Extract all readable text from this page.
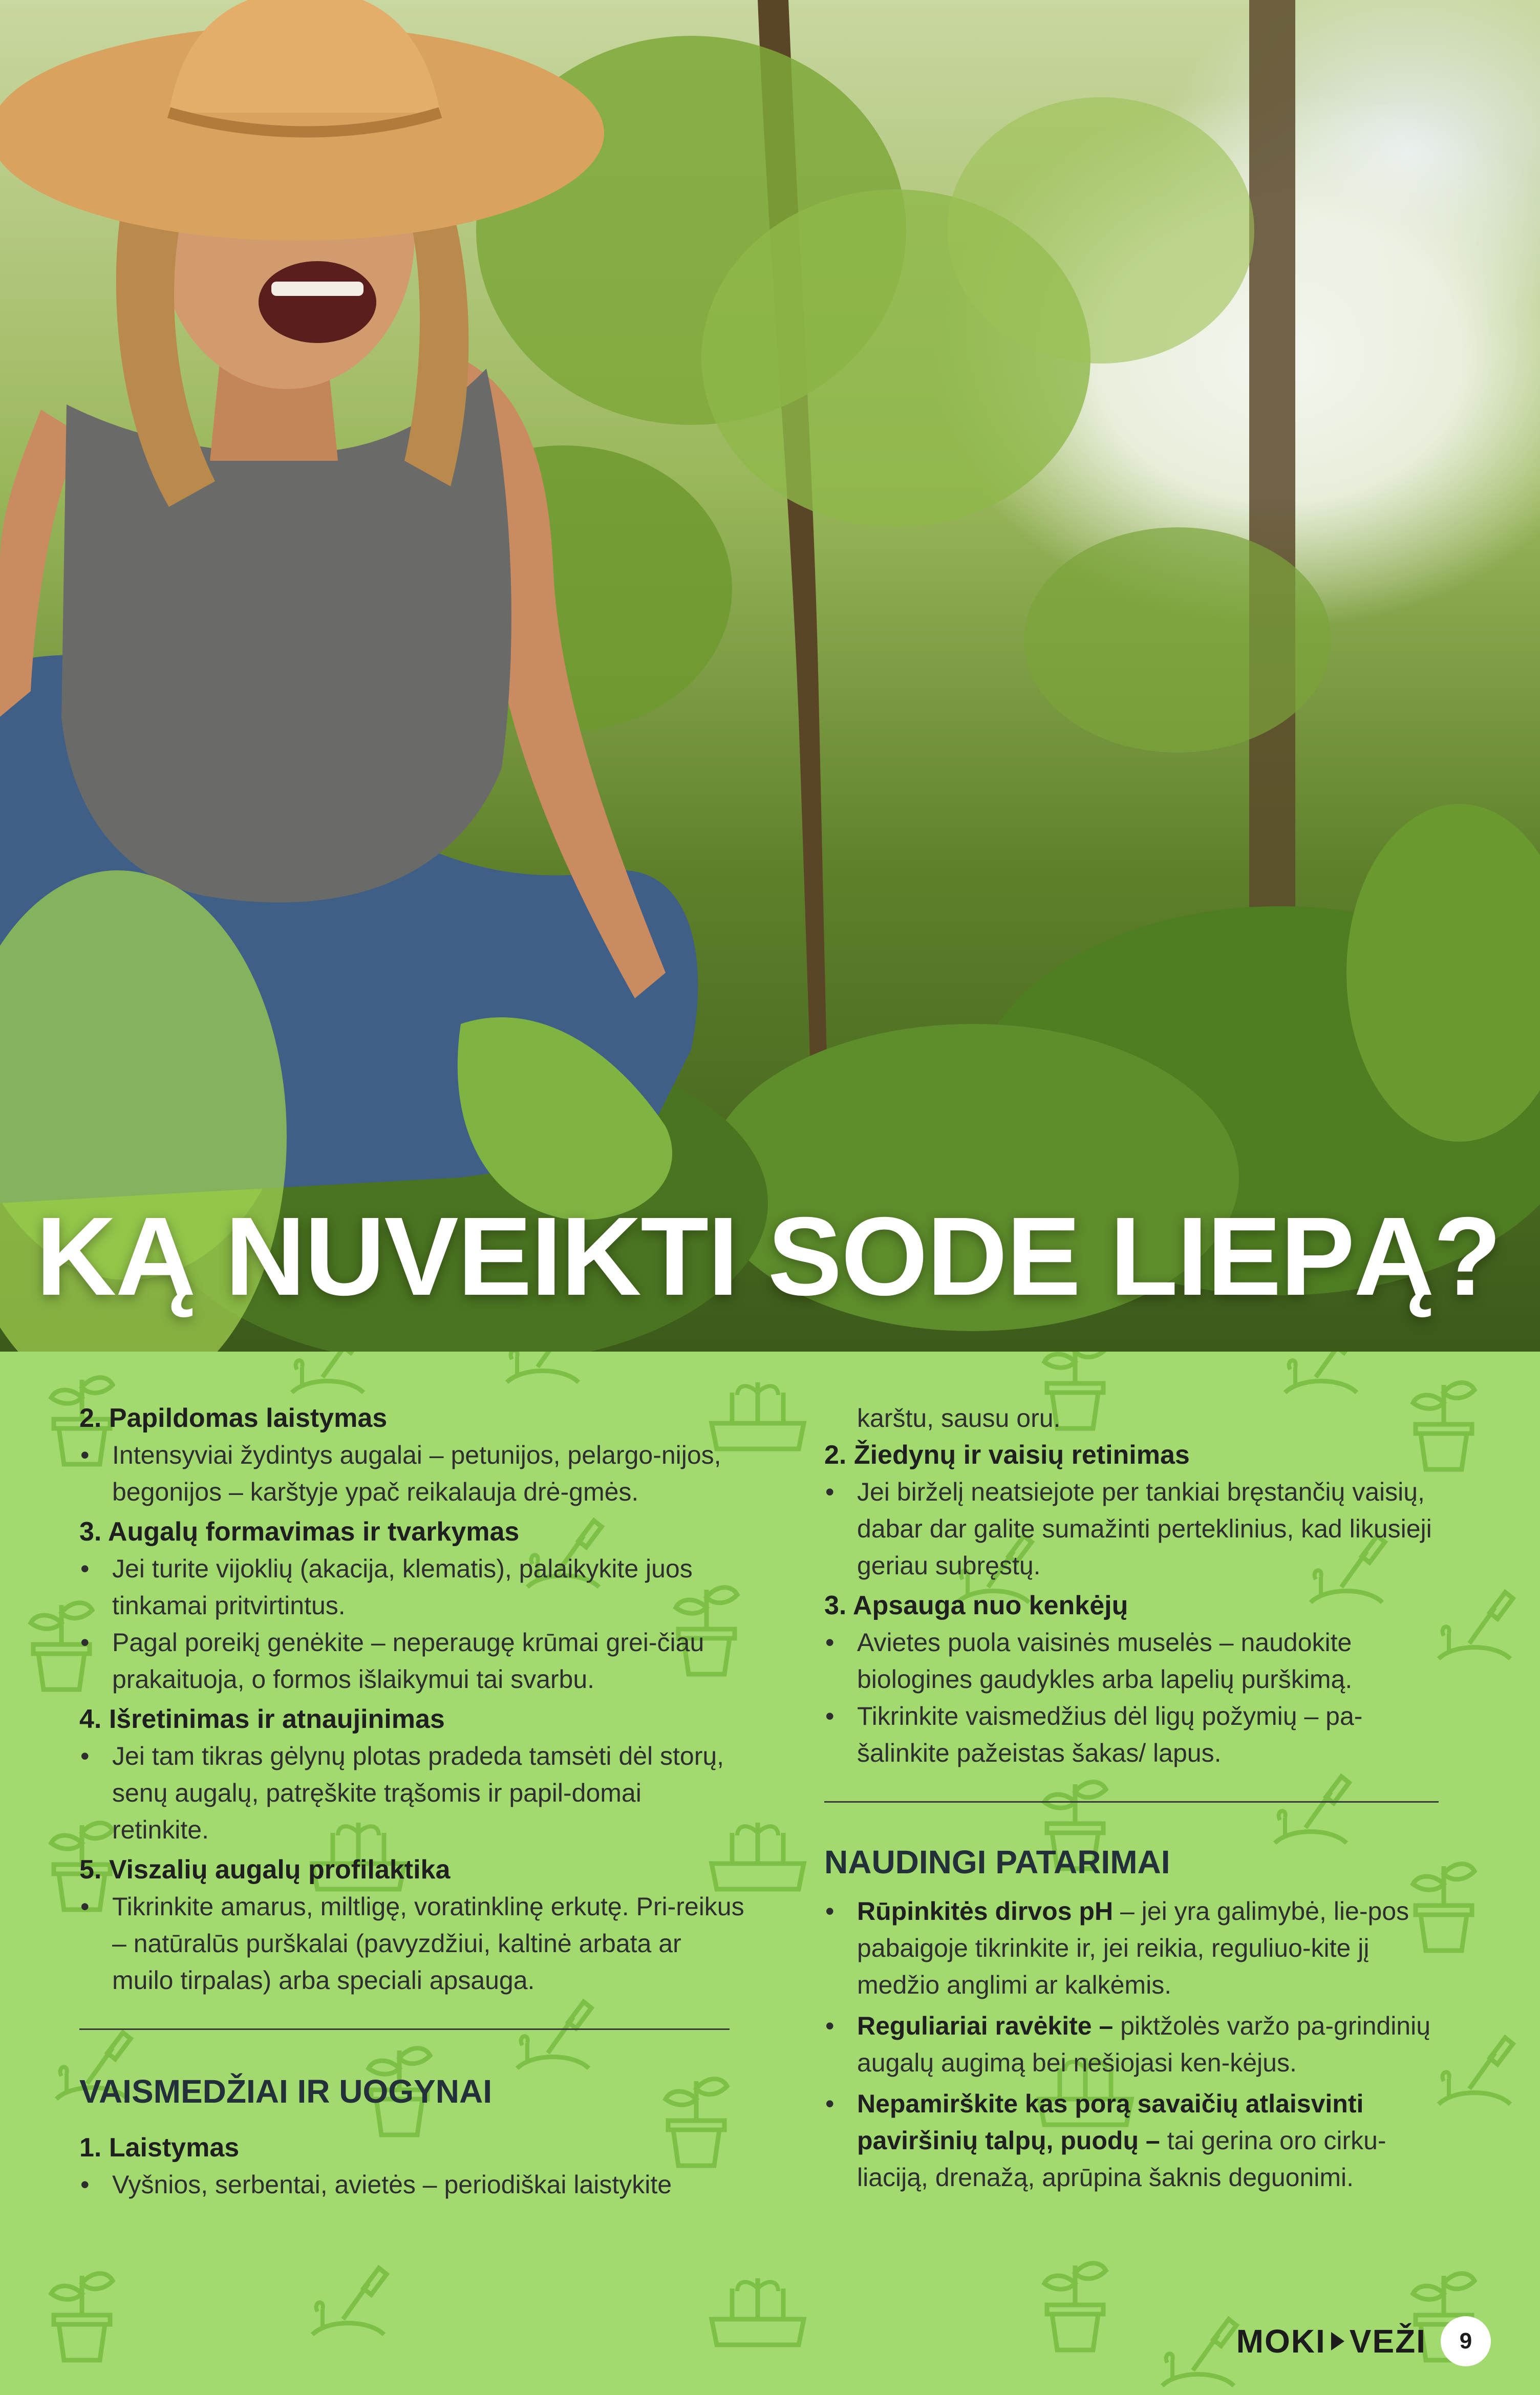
KĄ NUVEIKTI SODE LIEPĄ?
2. Papildomas laistymas
• Intensyviai žydintys augalai – petunijos, pelargo-nijos, begonijos – karštyje ypač reikalauja drė-gmės.
3. Augalų formavimas ir tvarkymas
• Jei turite vijoklių (akacija, klematis), palaikykite juos tinkamai pritvirtintus.
• Pagal poreikį genėkite – neperaugę krūmai grei-čiau prakaituoja, o formos išlaikymui tai svarbu.
4. Išretinimas ir atnaujinimas
• Jei tam tikras gėlynų plotas pradeda tamsėti dėl storų, senų augalų, patręškite trąšomis ir papil-domai retinkite.
5. Viszalių augalų profilaktika
• Tikrinkite amarus, miltligę, voratinklinę erkutę. Pri-reikus – natūralūs purškalai (pavyzdžiui, kaltinė arbata ar muilo tirpalas) arba speciali apsauga.
VAISMEDŽIAI IR UOGYNAI
1. Laistymas
• Vyšnios, serbentai, avietės – periodiškai laistykite
karštu, sausu oru.
2. Žiedynų ir vaisių retinimas
• Jei birželį neatsiejote per tankiai bręstančių vaisių, dabar dar galite sumažinti perteklinius, kad likusieji geriau subręstų.
3. Apsauga nuo kenkėjų
• Avietes puola vaisinės muselės – naudokite biologines gaudykles arba lapelių purškimą.
• Tikrinkite vaismedžius dėl ligų požymių – pa-šalinkite pažeistas šakas/ lapus.
NAUDINGI PATARIMAI
• Rūpinkitės dirvos pH – jei yra galimybė, lie-pos pabaigoje tikrinkite ir, jei reikia, reguliuo-kite jį medžio anglimi ar kalkėmis.
• Reguliariai ravėkite – piktžolės varžo pa-grindinių augalų augimą bei nešiojasi ken-kėjus.
• Nepamirškite kas porą savaičių atlaisvinti paviršinių talpų, puodų – tai gerina oro cirku-liaciją, drenažą, aprūpina šaknis deguonimi.
MOKI VEŽI	9
